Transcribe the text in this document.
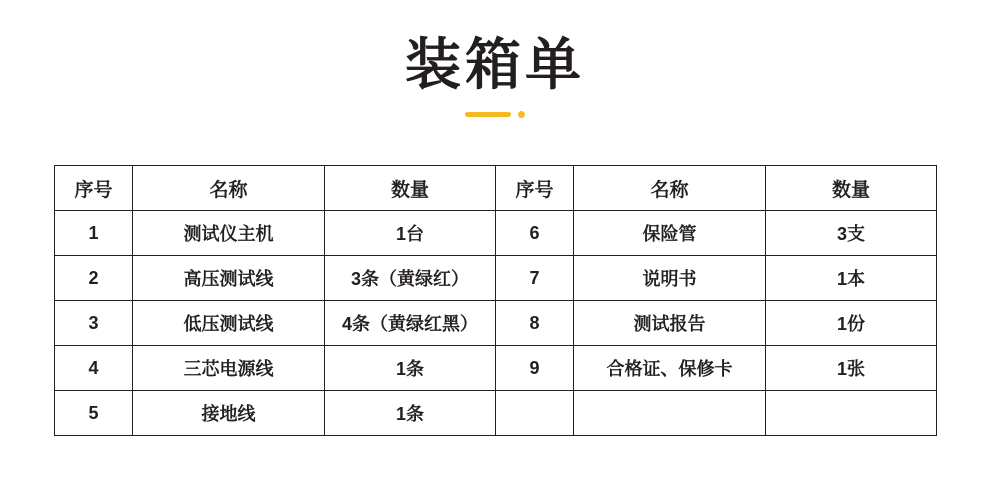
装箱单
序号	名称	数量	序号	名称	数量
1	测试仪主机	1台	6	保险管	3支
2	高压测试线	3条（黄绿红）	7	说明书	1本
3	低压测试线	4条（黄绿红黑）	8	测试报告	1份
4	三芯电源线	1条	9	合格证、保修卡	1张
5	接地线	1条			
